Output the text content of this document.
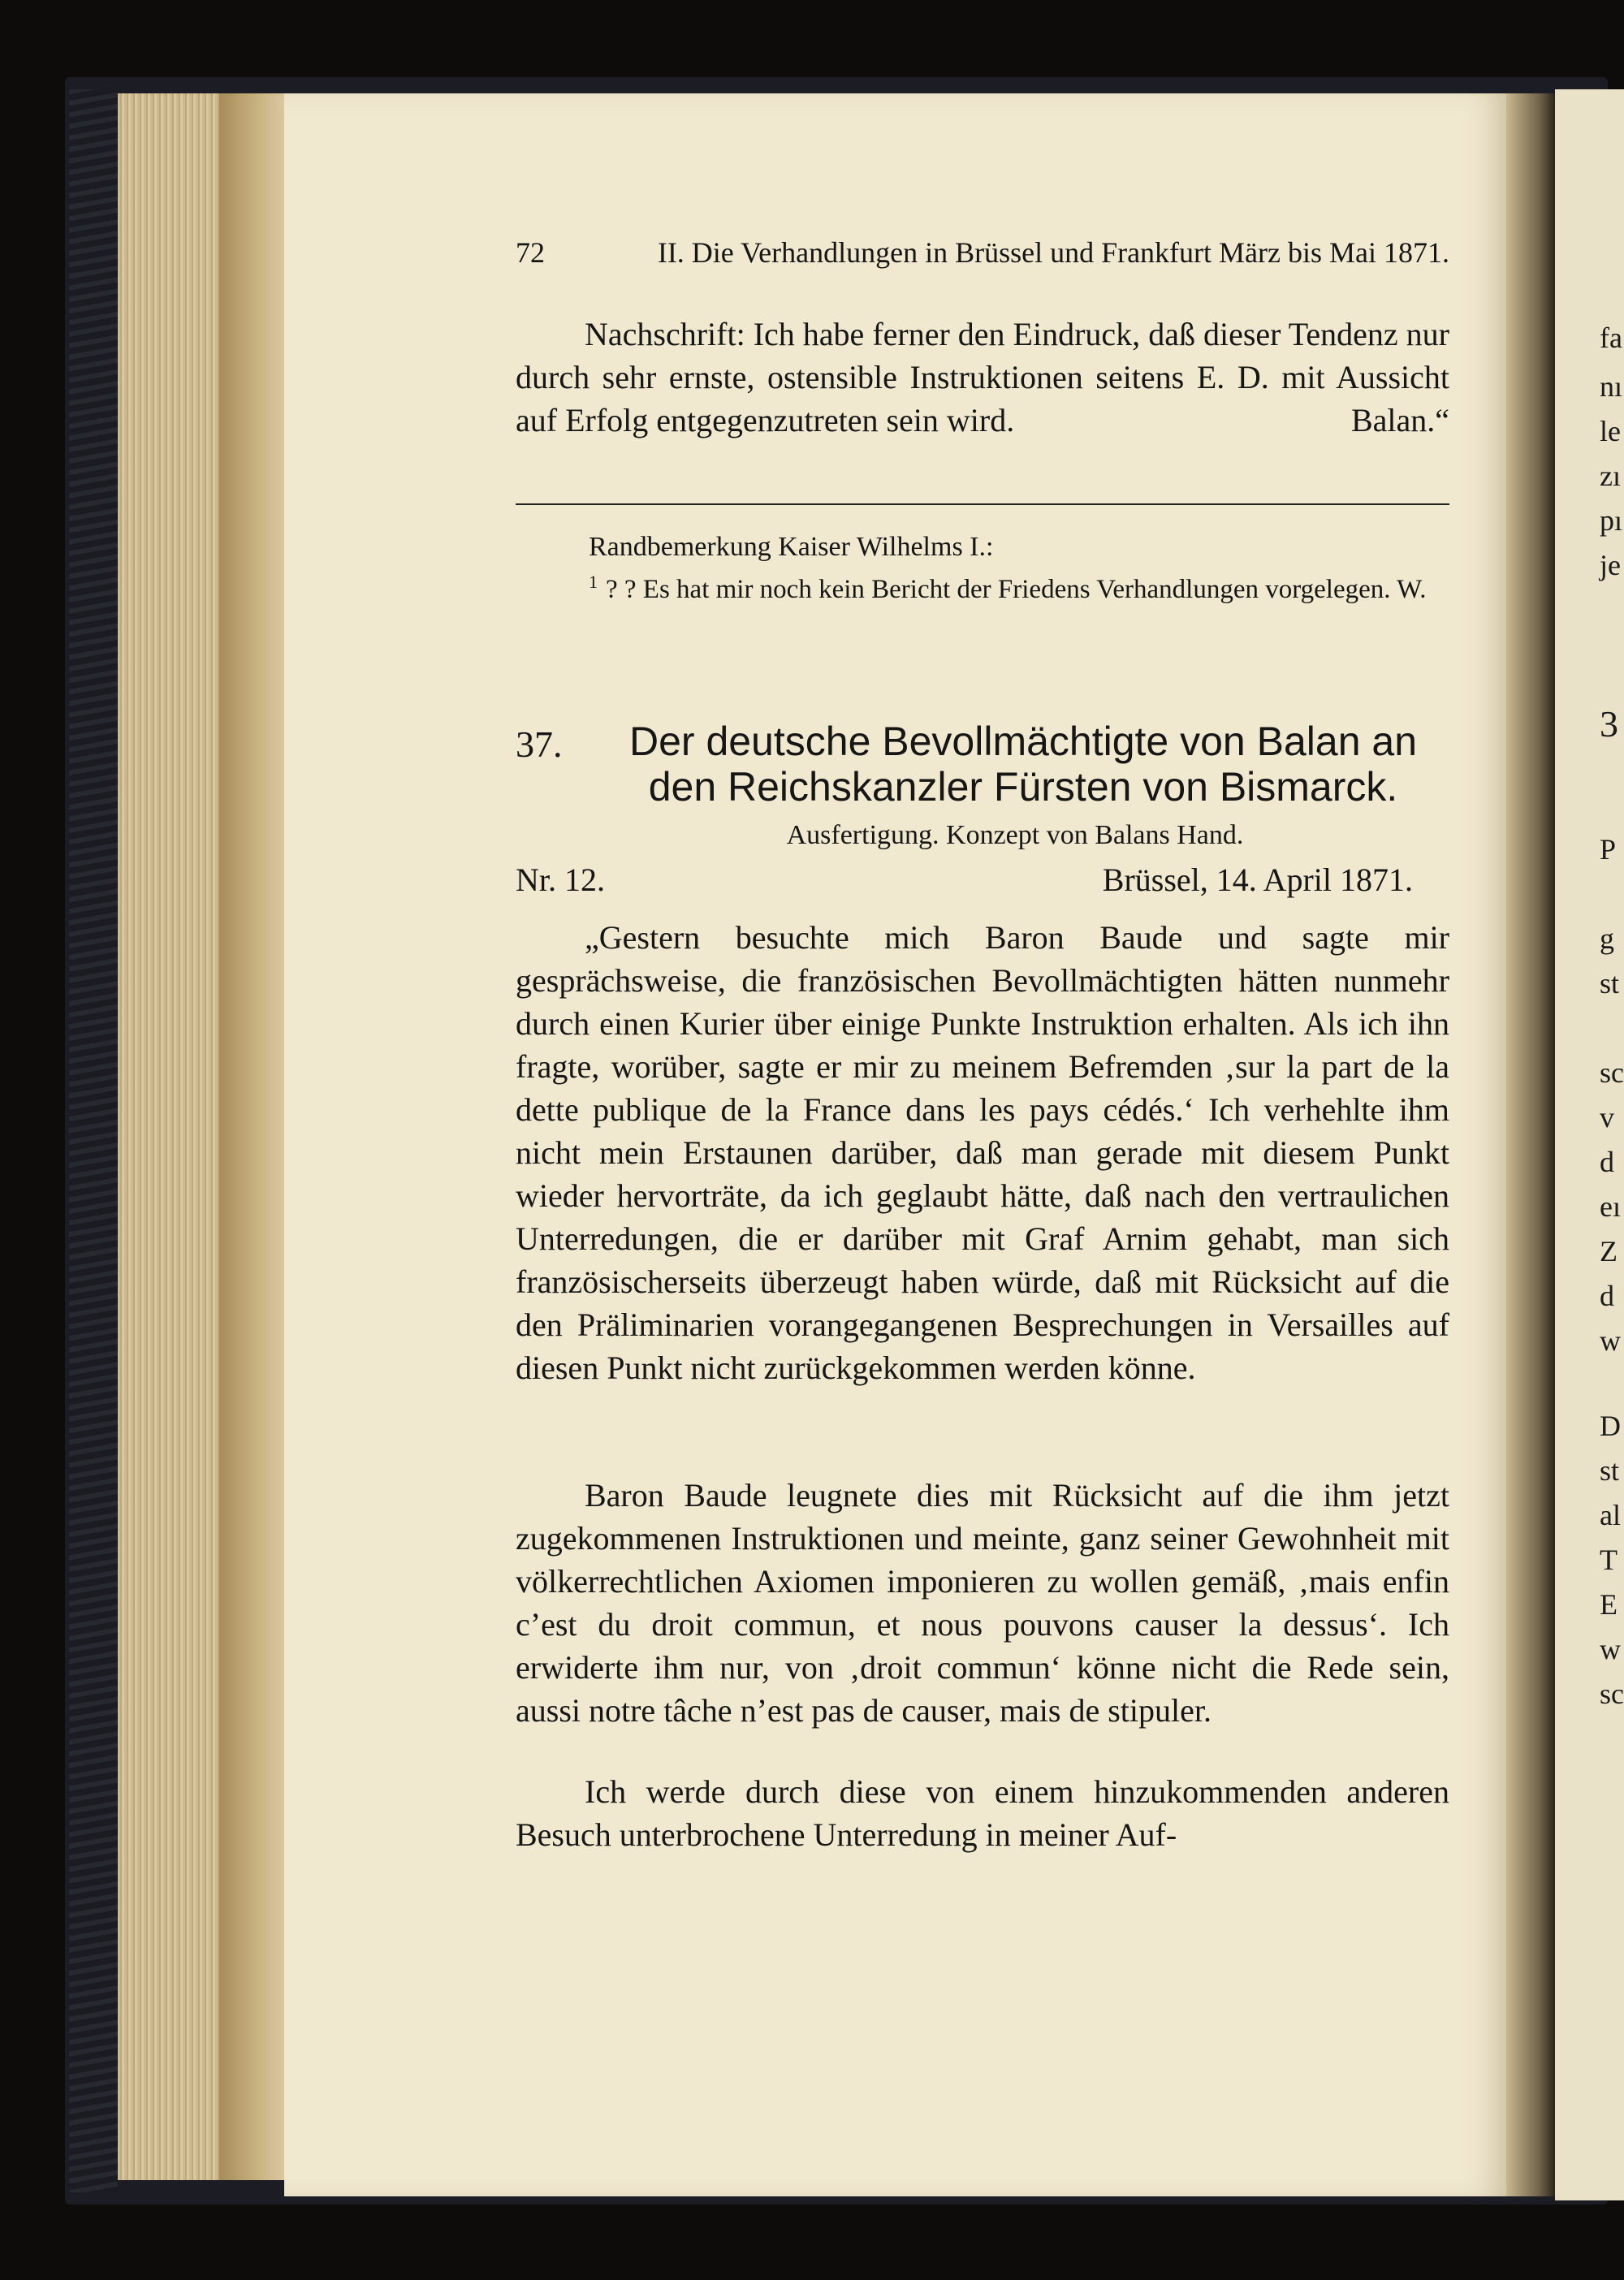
fa
nı
le
zı
pı
je
3
P
g
st
sc
v
d
eı
Z
d
w
D
st
al
T
E
w
sc
72	II. Die Verhandlungen in Brüssel und Frankfurt März bis Mai 1871.
Nachschrift: Ich habe ferner den Eindruck, daß dieser Tendenz nur durch sehr ernste, ostensible Instruktionen seitens E. D. mit Aussicht auf Erfolg entgegenzutreten sein wird.	Balan.“
Randbemerkung Kaiser Wilhelms I.:
$^1$ ? ? Es hat mir noch kein Bericht der Friedens Verhandlungen vorgelegen. W.
37.	Der deutsche Bevollmächtigte von Balan an den Reichskanzler Fürsten von Bismarck.
Ausfertigung. Konzept von Balans Hand.
Nr. 12.	Brüssel, 14. April 1871.
„Gestern besuchte mich Baron Baude und sagte mir gesprächsweise, die französischen Bevollmächtigten hätten nunmehr durch einen Kurier über einige Punkte Instruktion erhalten. Als ich ihn fragte, worüber, sagte er mir zu meinem Befremden ‚sur la part de la dette publique de la France dans les pays cédés.‘ Ich verhehlte ihm nicht mein Erstaunen darüber, daß man gerade mit diesem Punkt wieder hervorträte, da ich geglaubt hätte, daß nach den vertraulichen Unterredungen, die er darüber mit Graf Arnim gehabt, man sich französischerseits überzeugt haben würde, daß mit Rücksicht auf die den Präliminarien vorangegangenen Besprechungen in Versailles auf diesen Punkt nicht zurückgekommen werden könne.
Baron Baude leugnete dies mit Rücksicht auf die ihm jetzt zugekommenen Instruktionen und meinte, ganz seiner Gewohnheit mit völkerrechtlichen Axiomen imponieren zu wollen gemäß, ‚mais enfin c’est du droit commun, et nous pouvons causer la dessus‘. Ich erwiderte ihm nur, von ‚droit commun‘ könne nicht die Rede sein, aussi notre tâche n’est pas de causer, mais de stipuler.
Ich werde durch diese von einem hinzukommenden anderen Besuch unterbrochene Unterredung in meiner Auf-
